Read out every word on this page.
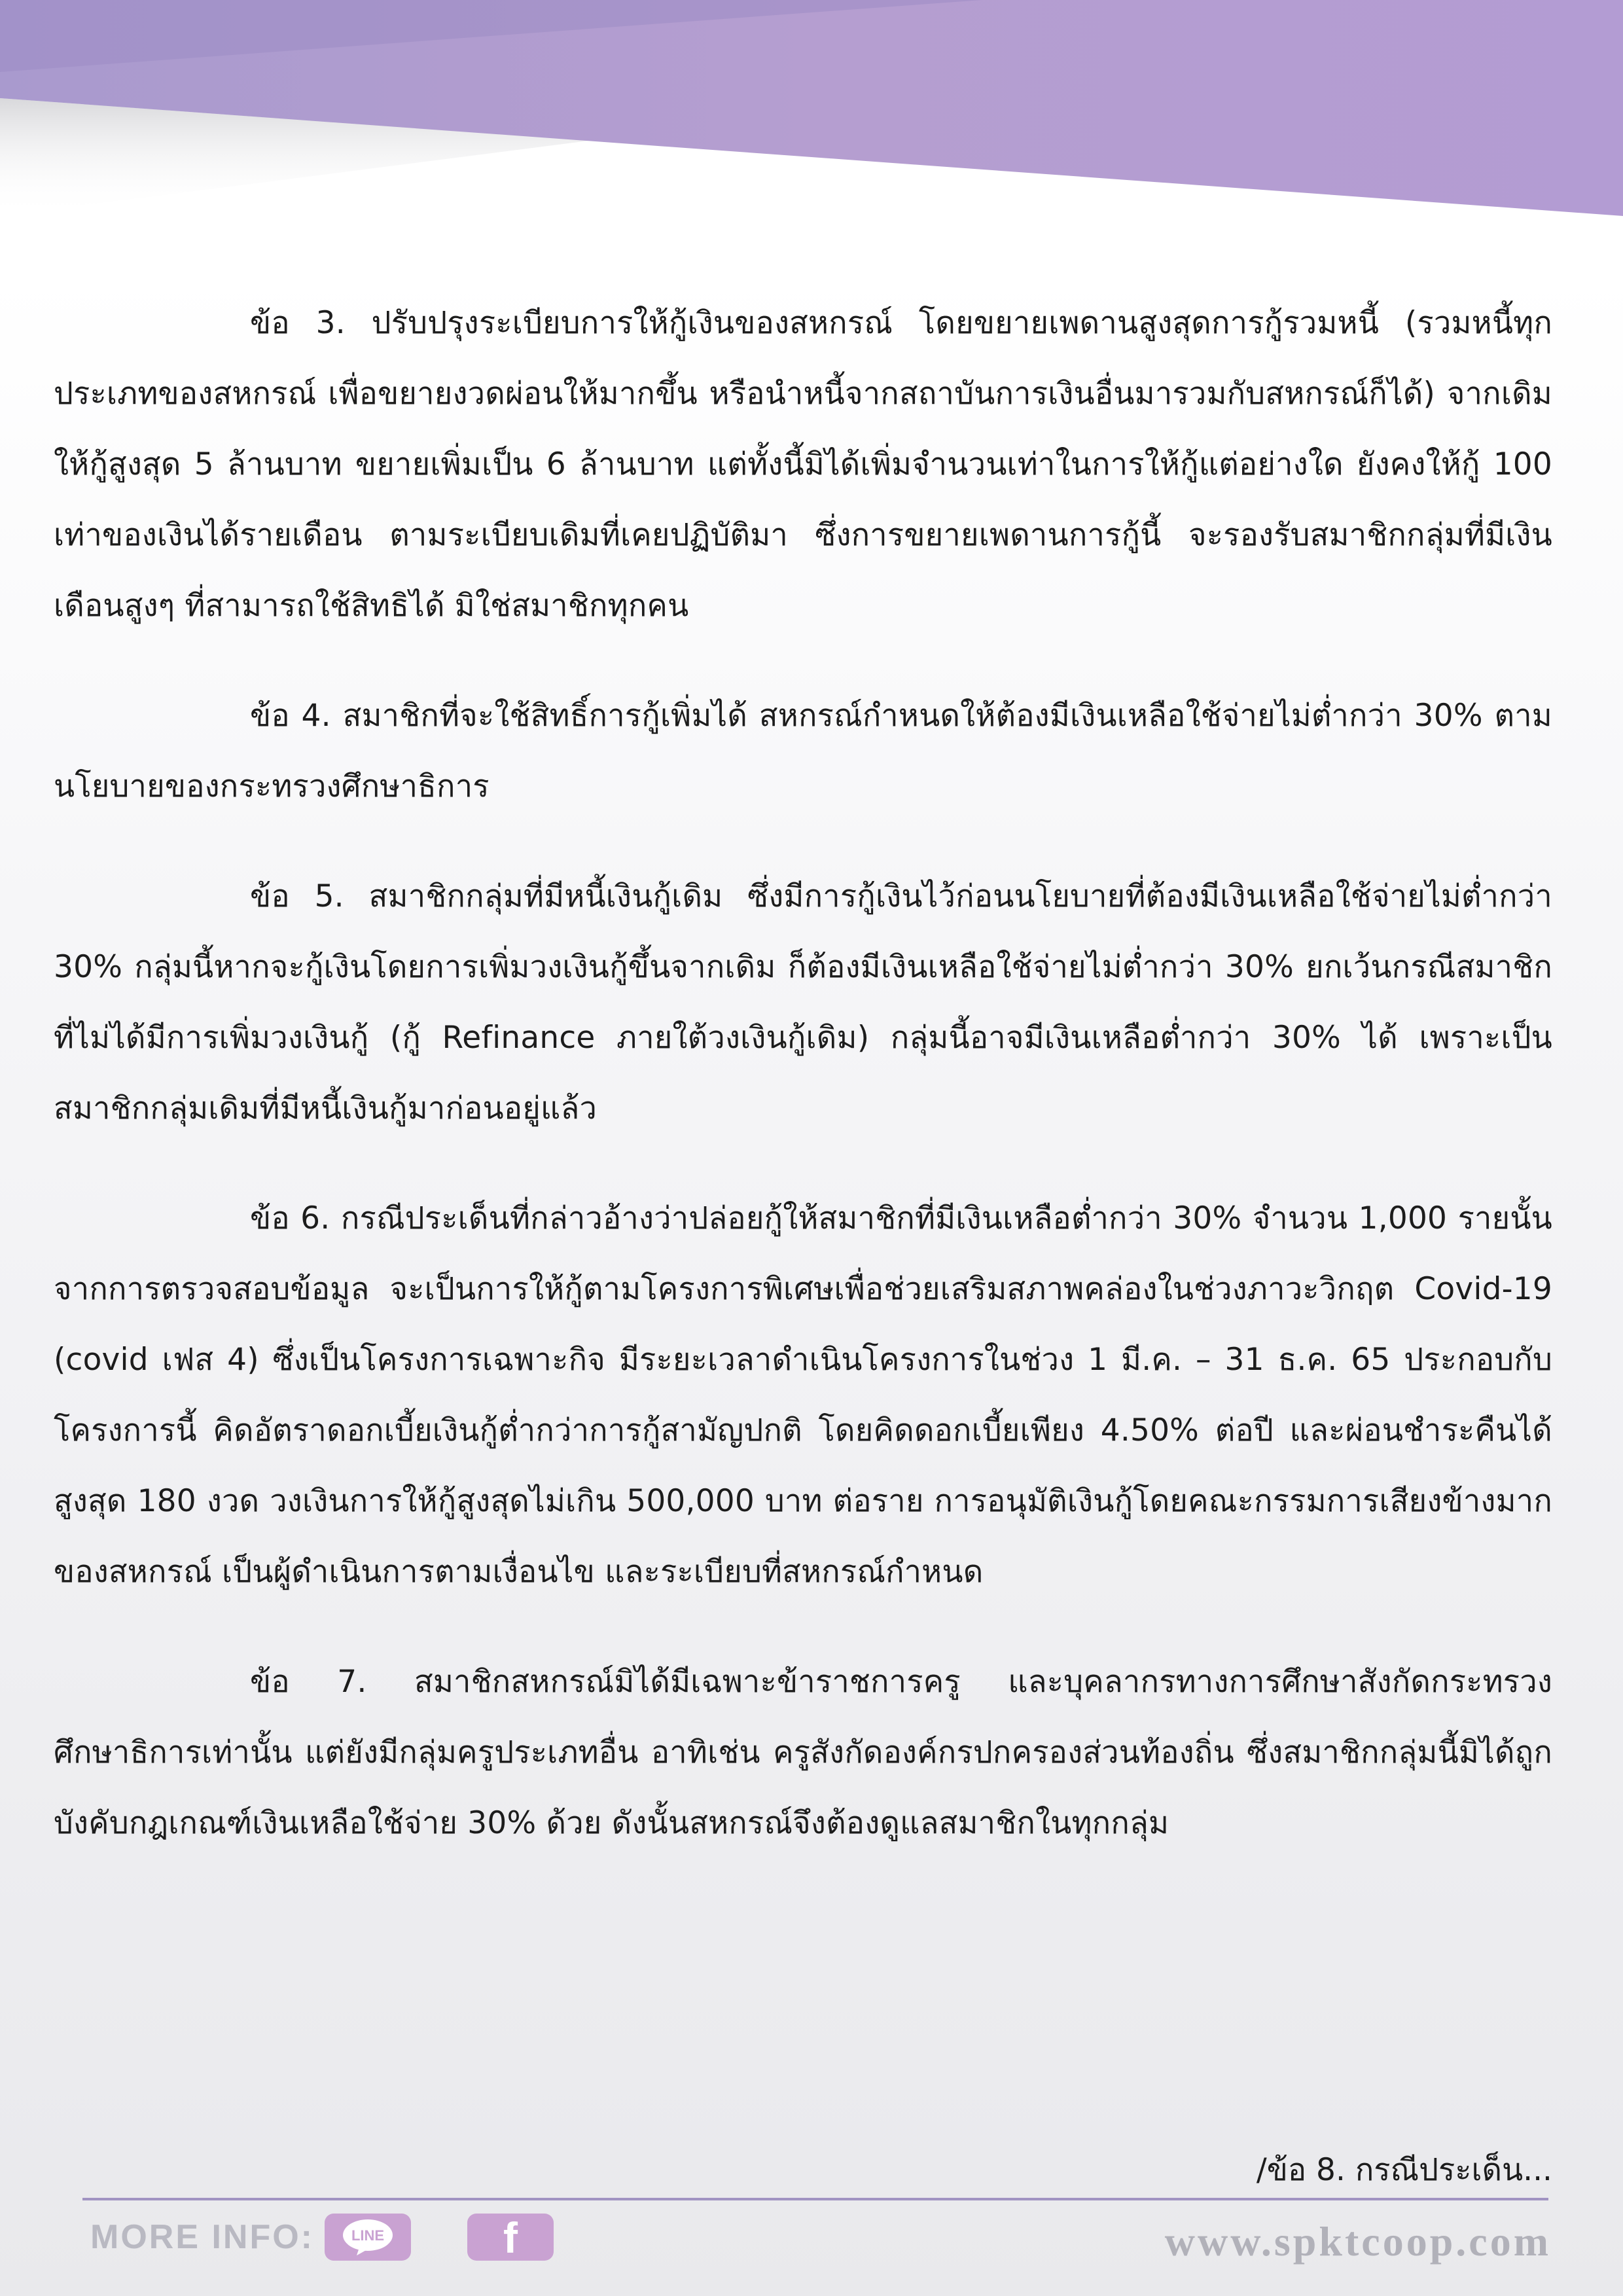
ข้อ 3. ปรับปรุงระเบียบการให้กู้เงินของสหกรณ์ โดยขยายเพดานสูงสุดการกู้รวมหนี้ (รวมหนี้ทุกประเภทของสหกรณ์ เพื่อขยายงวดผ่อนให้มากขึ้น หรือนำหนี้จากสถาบันการเงินอื่นมารวมกับสหกรณ์ก็ได้) จากเดิมให้กู้สูงสุด 5 ล้านบาท ขยายเพิ่มเป็น 6 ล้านบาท แต่ทั้งนี้มิได้เพิ่มจำนวนเท่าในการให้กู้แต่อย่างใด ยังคงให้กู้ 100 เท่าของเงินได้รายเดือน ตามระเบียบเดิมที่เคยปฏิบัติมา ซึ่งการขยายเพดานการกู้นี้ จะรองรับสมาชิกกลุ่มที่มีเงินเดือนสูงๆ ที่สามารถใช้สิทธิได้ มิใช่สมาชิกทุกคน

ข้อ 4. สมาชิกที่จะใช้สิทธิ์การกู้เพิ่มได้ สหกรณ์กำหนดให้ต้องมีเงินเหลือใช้จ่ายไม่ต่ำกว่า 30% ตามนโยบายของกระทรวงศึกษาธิการ

ข้อ 5. สมาชิกกลุ่มที่มีหนี้เงินกู้เดิม ซึ่งมีการกู้เงินไว้ก่อนนโยบายที่ต้องมีเงินเหลือใช้จ่ายไม่ต่ำกว่า 30% กลุ่มนี้หากจะกู้เงินโดยการเพิ่มวงเงินกู้ขึ้นจากเดิม ก็ต้องมีเงินเหลือใช้จ่ายไม่ต่ำกว่า 30% ยกเว้นกรณีสมาชิกที่ไม่ได้มีการเพิ่มวงเงินกู้ (กู้ Refinance ภายใต้วงเงินกู้เดิม) กลุ่มนี้อาจมีเงินเหลือต่ำกว่า 30% ได้ เพราะเป็นสมาชิกกลุ่มเดิมที่มีหนี้เงินกู้มาก่อนอยู่แล้ว

ข้อ 6. กรณีประเด็นที่กล่าวอ้างว่าปล่อยกู้ให้สมาชิกที่มีเงินเหลือต่ำกว่า 30% จำนวน 1,000 รายนั้นจากการตรวจสอบข้อมูล จะเป็นการให้กู้ตามโครงการพิเศษเพื่อช่วยเสริมสภาพคล่องในช่วงภาวะวิกฤต Covid-19 (covid เฟส 4) ซึ่งเป็นโครงการเฉพาะกิจ มีระยะเวลาดำเนินโครงการในช่วง 1 มี.ค. – 31 ธ.ค. 65 ประกอบกับโครงการนี้ คิดอัตราดอกเบี้ยเงินกู้ต่ำกว่าการกู้สามัญปกติ โดยคิดดอกเบี้ยเพียง 4.50% ต่อปี และผ่อนชำระคืนได้สูงสุด 180 งวด วงเงินการให้กู้สูงสุดไม่เกิน 500,000 บาท ต่อราย การอนุมัติเงินกู้โดยคณะกรรมการเสียงข้างมากของสหกรณ์ เป็นผู้ดำเนินการตามเงื่อนไข และระเบียบที่สหกรณ์กำหนด

ข้อ 7. สมาชิกสหกรณ์มิได้มีเฉพาะข้าราชการครู และบุคลากรทางการศึกษาสังกัดกระทรวงศึกษาธิการเท่านั้น แต่ยังมีกลุ่มครูประเภทอื่น อาทิเช่น ครูสังกัดองค์กรปกครองส่วนท้องถิ่น ซึ่งสมาชิกกลุ่มนี้มิได้ถูกบังคับกฎเกณฑ์เงินเหลือใช้จ่าย 30% ด้วย ดังนั้นสหกรณ์จึงต้องดูแลสมาชิกในทุกกลุ่ม

/ข้อ 8. กรณีประเด็น...
MORE INFO:	LINE	f	www.spktcoop.com
